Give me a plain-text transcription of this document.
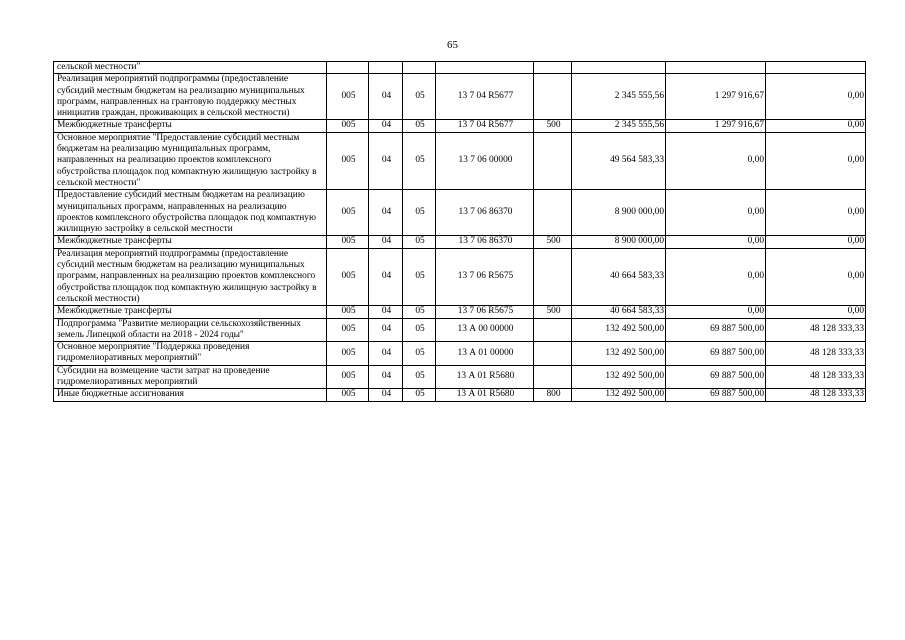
65
сельской местности"								
Реализация мероприятий подпрограммы (предоставление субсидий местным бюджетам на реализацию муниципальных программ, направленных на грантовую поддержку местных инициатив граждан, проживающих в сельской местности)	005	04	05	13 7 04 R5677		2 345 555,56	1 297 916,67	0,00
Межбюджетные трансферты	005	04	05	13 7 04 R5677	500	2 345 555,56	1 297 916,67	0,00
Основное мероприятие "Предоставление субсидий местным бюджетам на реализацию муниципальных программ, направленных на реализацию проектов комплексного обустройства площадок под компактную жилищную застройку в сельской местности"	005	04	05	13 7 06 00000		49 564 583,33	0,00	0,00
Предоставление субсидий местным бюджетам на реализацию муниципальных программ, направленных на реализацию проектов комплексного обустройства площадок под компактную жилищную застройку в сельской местности	005	04	05	13 7 06 86370		8 900 000,00	0,00	0,00
Межбюджетные трансферты	005	04	05	13 7 06 86370	500	8 900 000,00	0,00	0,00
Реализация мероприятий подпрограммы (предоставление субсидий местным бюджетам на реализацию муниципальных программ, направленных на реализацию проектов комплексного обустройства площадок под компактную жилищную застройку в сельской местности)	005	04	05	13 7 06 R5675		40 664 583,33	0,00	0,00
Межбюджетные трансферты	005	04	05	13 7 06 R5675	500	40 664 583,33	0,00	0,00
Подпрограмма "Развитие мелиорации сельскохозяйственных земель Липецкой области на 2018 - 2024 годы"	005	04	05	13 А 00 00000		132 492 500,00	69 887 500,00	48 128 333,33
Основное мероприятие "Поддержка проведения гидромелиоративных мероприятий"	005	04	05	13 А 01 00000		132 492 500,00	69 887 500,00	48 128 333,33
Субсидии на возмещение части затрат на проведение гидромелиоративных мероприятий	005	04	05	13 А 01 R5680		132 492 500,00	69 887 500,00	48 128 333,33
Иные бюджетные ассигнования	005	04	05	13 А 01 R5680	800	132 492 500,00	69 887 500,00	48 128 333,33
